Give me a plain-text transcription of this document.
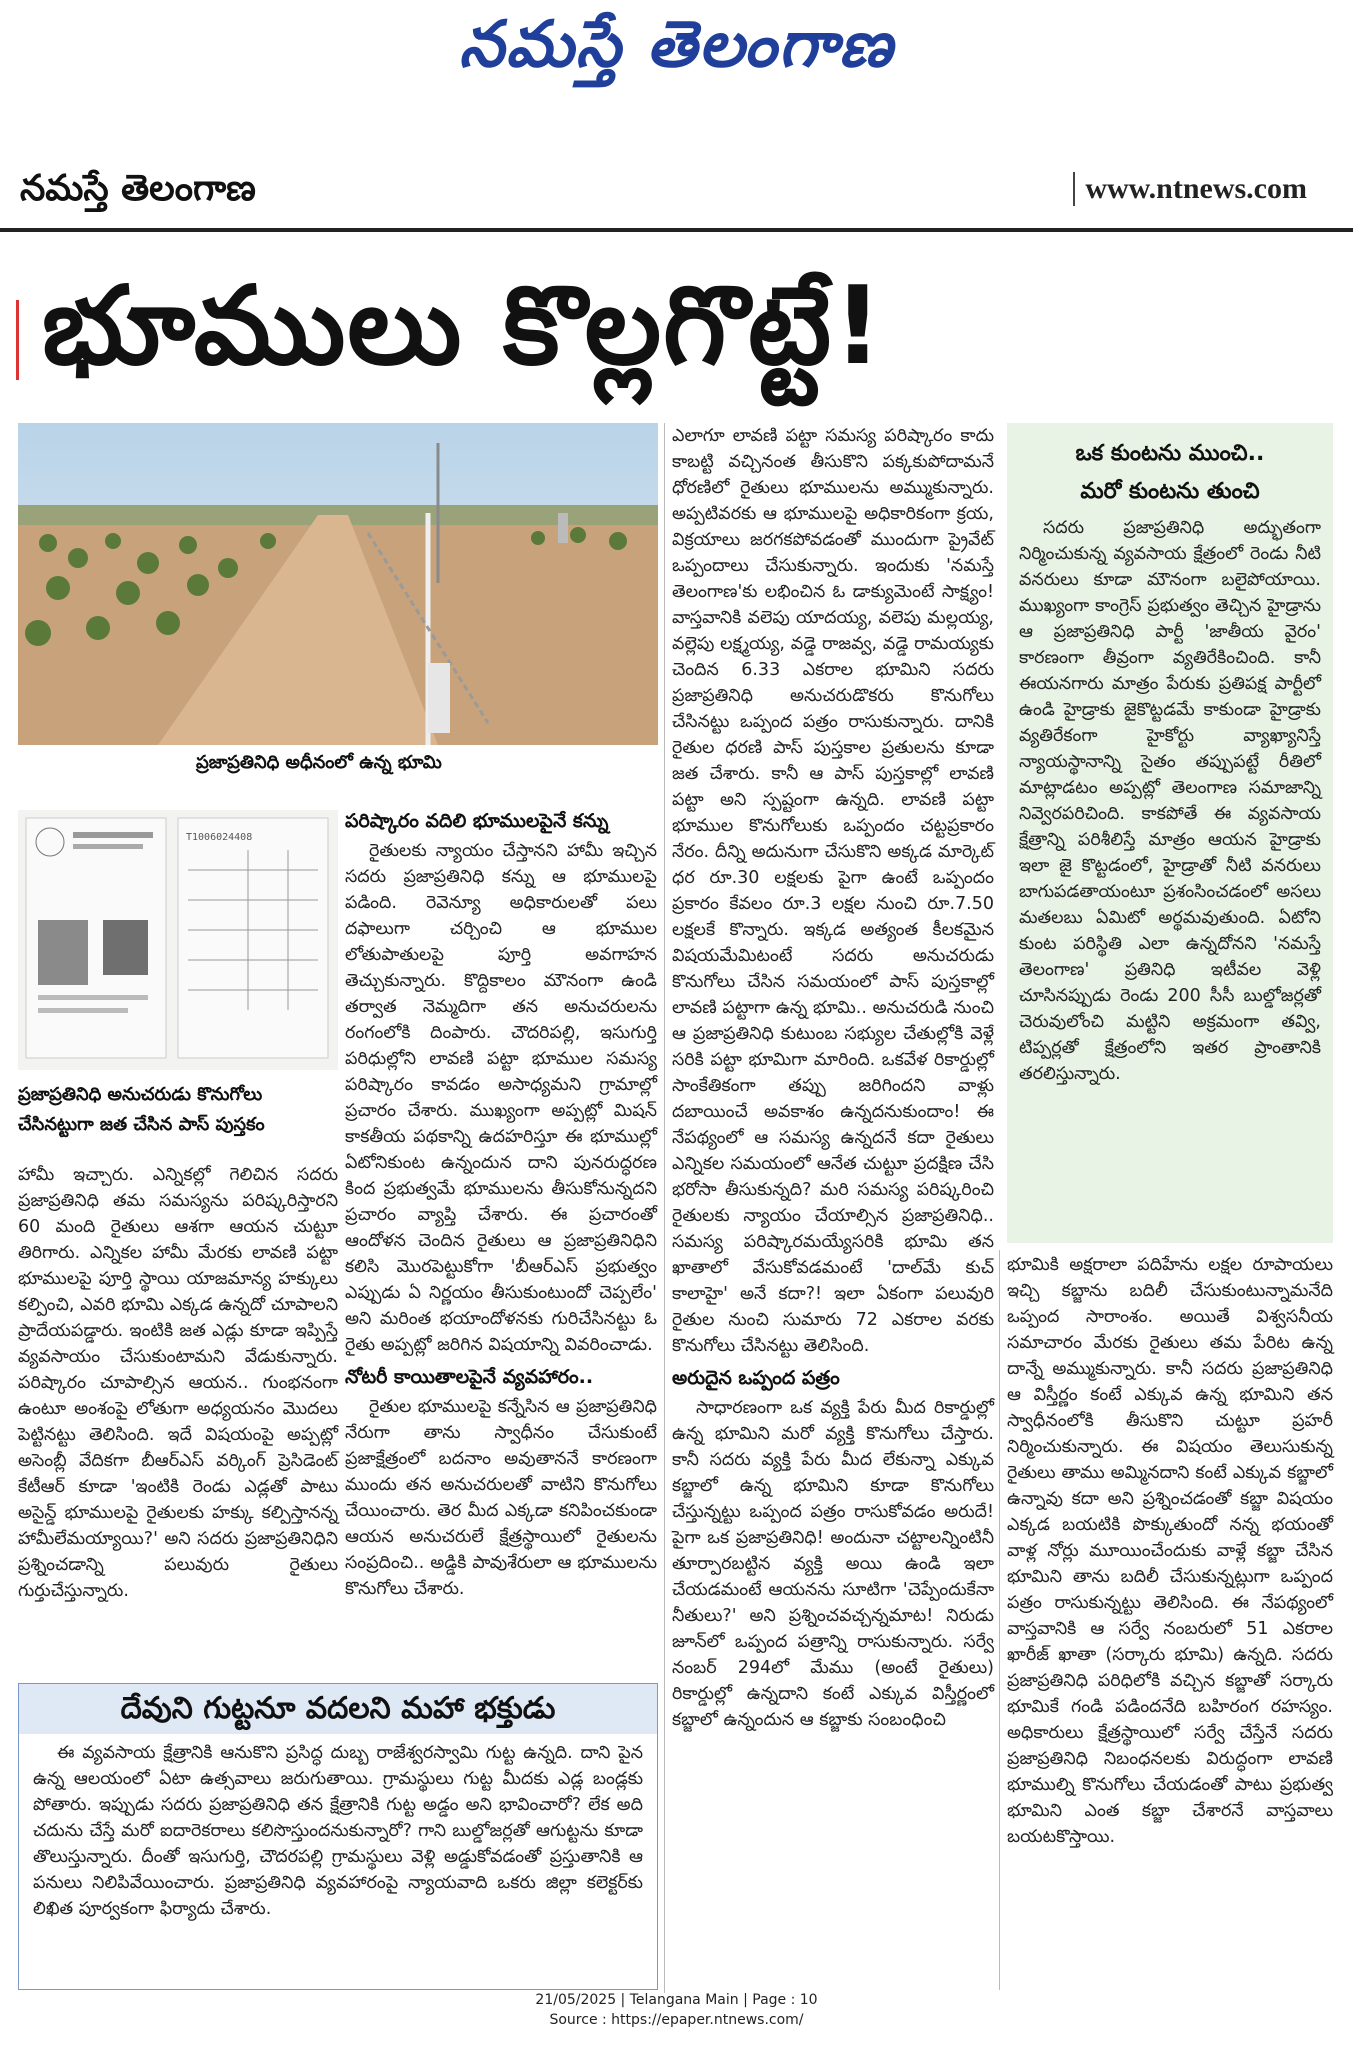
నమస్తే తెలంగాణ
నమస్తే తెలంగాణ	www.ntnews.com
భూములు కొల్లగొట్టే!
ప్రజాప్రతినిధి అధీనంలో ఉన్న భూమి
T1006024408
ప్రజాప్రతినిధి అనుచరుడు కొనుగోలు చేసినట్టుగా జత చేసిన పాస్ పుస్తకం

హామీ ఇచ్చారు. ఎన్నికల్లో గెలిచిన సదరు ప్రజాప్రతినిధి తమ సమస్యను పరిష్కరిస్తారని 60 మంది రైతులు ఆశగా ఆయన చుట్టూ తిరిగారు. ఎన్నికల హామీ మేరకు లావణి పట్టా భూములపై పూర్తి స్థాయి యాజమాన్య హక్కులు కల్పించి, ఎవరి భూమి ఎక్కడ ఉన్నదో చూపాలని ప్రాదేయపడ్డారు. ఇంటికి జత ఎడ్లు కూడా ఇప్పిస్తే వ్యవసాయం చేసుకుంటామని వేడుకున్నారు. పరిష్కారం చూపాల్సిన ఆయన.. గుంభనంగా ఉంటూ అంశంపై లోతుగా అధ్యయనం మొదలు పెట్టినట్టు తెలిసింది. ఇదే విషయంపై అప్పట్లో అసెంబ్లీ వేదికగా బీఆర్ఎస్ వర్కింగ్ ప్రెసిడెంట్ కేటీఆర్ కూడా 'ఇంటికి రెండు ఎడ్లతో పాటు అసైన్డ్ భూములపై రైతులకు హక్కు కల్పిస్తానన్న హామీలేమయ్యాయి?' అని సదరు ప్రజాప్రతినిధిని ప్రశ్నించడాన్ని పలువురు రైతులు గుర్తుచేస్తున్నారు.

పరిష్కారం వదిలి భూములపైనే కన్ను

రైతులకు న్యాయం చేస్తానని హామీ ఇచ్చిన సదరు ప్రజాప్రతినిధి కన్ను ఆ భూములపై పడింది. రెవెన్యూ అధికారులతో పలు దఫాలుగా చర్చించి ఆ భూముల లోతుపాతులపై పూర్తి అవగాహన తెచ్చుకున్నారు. కొద్దికాలం మౌనంగా ఉండి తర్వాత నెమ్మదిగా తన అనుచరులను రంగంలోకి దింపారు. చౌదరిపల్లి, ఇసుగుర్తి పరిధుల్లోని లావణి పట్టా భూముల సమస్య పరిష్కారం కావడం అసాధ్యమని గ్రామాల్లో ప్రచారం చేశారు. ముఖ్యంగా అప్పట్లో మిషన్ కాకతీయ పథకాన్ని ఉదహరిస్తూ ఈ భూముల్లో ఏటోనికుంట ఉన్నందున దాని పునరుద్ధరణ కింద ప్రభుత్వమే భూములను తీసుకోనున్నదని ప్రచారం వ్యాప్తి చేశారు. ఈ ప్రచారంతో ఆందోళన చెందిన రైతులు ఆ ప్రజాప్రతినిధిని కలిసి మొరపెట్టుకోగా 'బీఆర్ఎస్ ప్రభుత్వం ఎప్పుడు ఏ నిర్ణయం తీసుకుంటుందో చెప్పలేం' అని మరింత భయాందోళనకు గురిచేసినట్టు ఓ రైతు అప్పట్లో జరిగిన విషయాన్ని వివరించాడు.

నోటరీ కాయితాలపైనే వ్యవహారం..

రైతుల భూములపై కన్నేసిన ఆ ప్రజాప్రతినిధి నేరుగా తాను స్వాధీనం చేసుకుంటే ప్రజాక్షేత్రంలో బదనాం అవుతాననే కారణంగా ముందు తన అనుచరులతో వాటిని కొనుగోలు చేయించారు. తెర మీద ఎక్కడా కనిపించకుండా ఆయన అనుచరులే క్షేత్రస్థాయిలో రైతులను సంప్రదించి.. అడ్డికి పావుశేరులా ఆ భూములను కొనుగోలు చేశారు.

ఎలాగూ లావణి పట్టా సమస్య పరిష్కారం కాదు కాబట్టి వచ్చినంత తీసుకొని పక్కకుపోదామనే ధోరణిలో రైతులు భూములను అమ్ముకున్నారు. అప్పటివరకు ఆ భూములపై అధికారికంగా క్రయ, విక్రయాలు జరగకపోవడంతో ముందుగా ప్రైవేట్ ఒప్పందాలు చేసుకున్నారు. ఇందుకు 'నమస్తే తెలంగాణ'కు లభించిన ఓ డాక్యుమెంటే సాక్ష్యం! వాస్తవానికి వలెపు యాదయ్య, వలెపు మల్లయ్య, వల్లెపు లక్ష్మయ్య, వడ్డె రాజవ్వ, వడ్డె రామయ్యకు చెందిన 6.33 ఎకరాల భూమిని సదరు ప్రజాప్రతినిధి అనుచరుడొకరు కొనుగోలు చేసినట్టు ఒప్పంద పత్రం రాసుకున్నారు. దానికి రైతుల ధరణి పాస్ పుస్తకాల ప్రతులను కూడా జత చేశారు. కానీ ఆ పాస్ పుస్తకాల్లో లావణి పట్టా అని స్పష్టంగా ఉన్నది. లావణి పట్టా భూముల కొనుగోలుకు ఒప్పందం చట్టప్రకారం నేరం. దీన్ని అదునుగా చేసుకొని అక్కడ మార్కెట్ ధర రూ.30 లక్షలకు పైగా ఉంటే ఒప్పందం ప్రకారం కేవలం రూ.3 లక్షల నుంచి రూ.7.50 లక్షలకే కొన్నారు. ఇక్కడ అత్యంత కీలకమైన విషయమేమిటంటే సదరు అనుచరుడు కొనుగోలు చేసిన సమయంలో పాస్ పుస్తకాల్లో లావణి పట్టాగా ఉన్న భూమి.. అనుచరుడి నుంచి ఆ ప్రజాప్రతినిధి కుటుంబ సభ్యుల చేతుల్లోకి వెళ్లే సరికి పట్టా భూమిగా మారింది. ఒకవేళ రికార్డుల్లో సాంకేతికంగా తప్పు జరిగిందని వాళ్లు దబాయించే అవకాశం ఉన్నదనుకుందాం! ఈ నేపథ్యంలో ఆ సమస్య ఉన్నదనే కదా రైతులు ఎన్నికల సమయంలో ఆనేత చుట్టూ ప్రదక్షిణ చేసి భరోసా తీసుకున్నది? మరి సమస్య పరిష్కరించి రైతులకు న్యాయం చేయాల్సిన ప్రజాప్రతినిధి.. సమస్య పరిష్కారమయ్యేసరికి భూమి తన ఖాతాలో వేసుకోవడమంటే 'దాల్‌మే కుచ్ కాలాహై' అనే కదా?! ఇలా ఏకంగా పలువురి రైతుల నుంచి సుమారు 72 ఎకరాల వరకు కొనుగోలు చేసినట్టు తెలిసింది.

అరుదైన ఒప్పంద పత్రం

సాధారణంగా ఒక వ్యక్తి పేరు మీద రికార్డుల్లో ఉన్న భూమిని మరో వ్యక్తి కొనుగోలు చేస్తారు. కానీ సదరు వ్యక్తి పేరు మీద లేకున్నా ఎక్కువ కబ్జాలో ఉన్న భూమిని కూడా కొనుగోలు చేస్తున్నట్టు ఒప్పంద పత్రం రాసుకోవడం అరుదే! పైగా ఒక ప్రజాప్రతినిధి! అందునా చట్టాలన్నింటినీ తూర్పారబట్టిన వ్యక్తి అయి ఉండి ఇలా చేయడమంటే ఆయనను సూటిగా 'చెప్పేందుకేనా నీతులు?' అని ప్రశ్నించవచ్చన్నమాట! నిరుడు జూన్‌లో ఒప్పంద పత్రాన్ని రాసుకున్నారు. సర్వే నంబర్ 294లో మేము (అంటే రైతులు) రికార్డుల్లో ఉన్నదాని కంటే ఎక్కువ విస్తీర్ణంలో కబ్జాలో ఉన్నందున ఆ కబ్జాకు సంబంధించి

ఒక కుంటను ముంచి..
మరో కుంటను తుంచి

సదరు ప్రజాప్రతినిధి అద్భుతంగా నిర్మించుకున్న వ్యవసాయ క్షేత్రంలో రెండు నీటి వనరులు కూడా మౌనంగా బలైపోయాయి. ముఖ్యంగా కాంగ్రెస్ ప్రభుత్వం తెచ్చిన హైడ్రాను ఆ ప్రజాప్రతినిధి పార్టీ 'జాతీయ వైరం' కారణంగా తీవ్రంగా వ్యతిరేకించింది. కానీ ఈయనగారు మాత్రం పేరుకు ప్రతిపక్ష పార్టీలో ఉండి హైడ్రాకు జైకొట్టడమే కాకుండా హైడ్రాకు వ్యతిరేకంగా హైకోర్టు వ్యాఖ్యానిస్తే న్యాయస్థానాన్ని సైతం తప్పుపట్టే రీతిలో మాట్లాడటం అప్పట్లో తెలంగాణ సమాజాన్ని నివ్వెరపరిచింది. కాకపోతే ఈ వ్యవసాయ క్షేత్రాన్ని పరిశీలిస్తే మాత్రం ఆయన హైడ్రాకు ఇలా జై కొట్టడంలో, హైడ్రాతో నీటి వనరులు బాగుపడతాయంటూ ప్రశంసించడంలో అసలు మతలబు ఏమిటో అర్థమవుతుంది. ఏటోని కుంట పరిస్థితి ఎలా ఉన్నదోనని 'నమస్తే తెలంగాణ' ప్రతినిధి ఇటీవల వెళ్లి చూసినప్పుడు రెండు 200 సీసీ బుల్డోజర్లతో చెరువులోంచి మట్టిని అక్రమంగా తవ్వి, టిప్పర్లతో క్షేత్రంలోని ఇతర ప్రాంతానికి తరలిస్తున్నారు.

భూమికి అక్షరాలా పదిహేను లక్షల రూపాయలు ఇచ్చి కబ్జాను బదిలీ చేసుకుంటున్నామనేది ఒప్పంద సారాంశం. అయితే విశ్వసనీయ సమాచారం మేరకు రైతులు తమ పేరిట ఉన్న దాన్నే అమ్ముకున్నారు. కానీ సదరు ప్రజాప్రతినిధి ఆ విస్తీర్ణం కంటే ఎక్కువ ఉన్న భూమిని తన స్వాధీనంలోకి తీసుకొని చుట్టూ ప్రహరీ నిర్మించుకున్నారు. ఈ విషయం తెలుసుకున్న రైతులు తాము అమ్మినదాని కంటే ఎక్కువ కబ్జాలో ఉన్నావు కదా అని ప్రశ్నించడంతో కబ్జా విషయం ఎక్కడ బయటికి పొక్కుతుందో నన్న భయంతో వాళ్ల నోర్లు మూయించేందుకు వాళ్లే కబ్జా చేసిన భూమిని తాను బదిలీ చేసుకున్నట్లుగా ఒప్పంద పత్రం రాసుకున్నట్టు తెలిసింది. ఈ నేపథ్యంలో వాస్తవానికి ఆ సర్వే నంబరులో 51 ఎకరాల ఖారీజ్ ఖాతా (సర్కారు భూమి) ఉన్నది. సదరు ప్రజాప్రతినిధి పరిధిలోకి వచ్చిన కబ్జాతో సర్కారు భూమికే గండి పడిందనేది బహిరంగ రహస్యం. అధికారులు క్షేత్రస్థాయిలో సర్వే చేస్తేనే సదరు ప్రజాప్రతినిధి నిబంధనలకు విరుద్ధంగా లావణి భూముల్ని కొనుగోలు చేయడంతో పాటు ప్రభుత్వ భూమిని ఎంత కబ్జా చేశారనే వాస్తవాలు బయటకొస్తాయి.

దేవుని గుట్టనూ వదలని మహా భక్తుడు

ఈ వ్యవసాయ క్షేత్రానికి ఆనుకొని ప్రసిద్ధ దుబ్బ రాజేశ్వరస్వామి గుట్ట ఉన్నది. దాని పైన ఉన్న ఆలయంలో ఏటా ఉత్సవాలు జరుగుతాయి. గ్రామస్థులు గుట్ట మీదకు ఎడ్ల బండ్లకు పోతారు. ఇప్పుడు సదరు ప్రజాప్రతినిధి తన క్షేత్రానికి గుట్ట అడ్డం అని భావించారో? లేక అది చదును చేస్తే మరో ఐదారెకరాలు కలిసొస్తుందనుకున్నారో? గాని బుల్డోజర్లతో ఆగుట్టను కూడా తొలుస్తున్నారు. దీంతో ఇసుగుర్తి, చౌదరపల్లి గ్రామస్థులు వెళ్లి అడ్డుకోవడంతో ప్రస్తుతానికి ఆ పనులు నిలిపివేయించారు. ప్రజాప్రతినిధి వ్యవహారంపై న్యాయవాది ఒకరు జిల్లా కలెక్టర్‌కు లిఖిత పూర్వకంగా ఫిర్యాదు చేశారు.

21/05/2025 | Telangana Main | Page : 10
Source : https://epaper.ntnews.com/
